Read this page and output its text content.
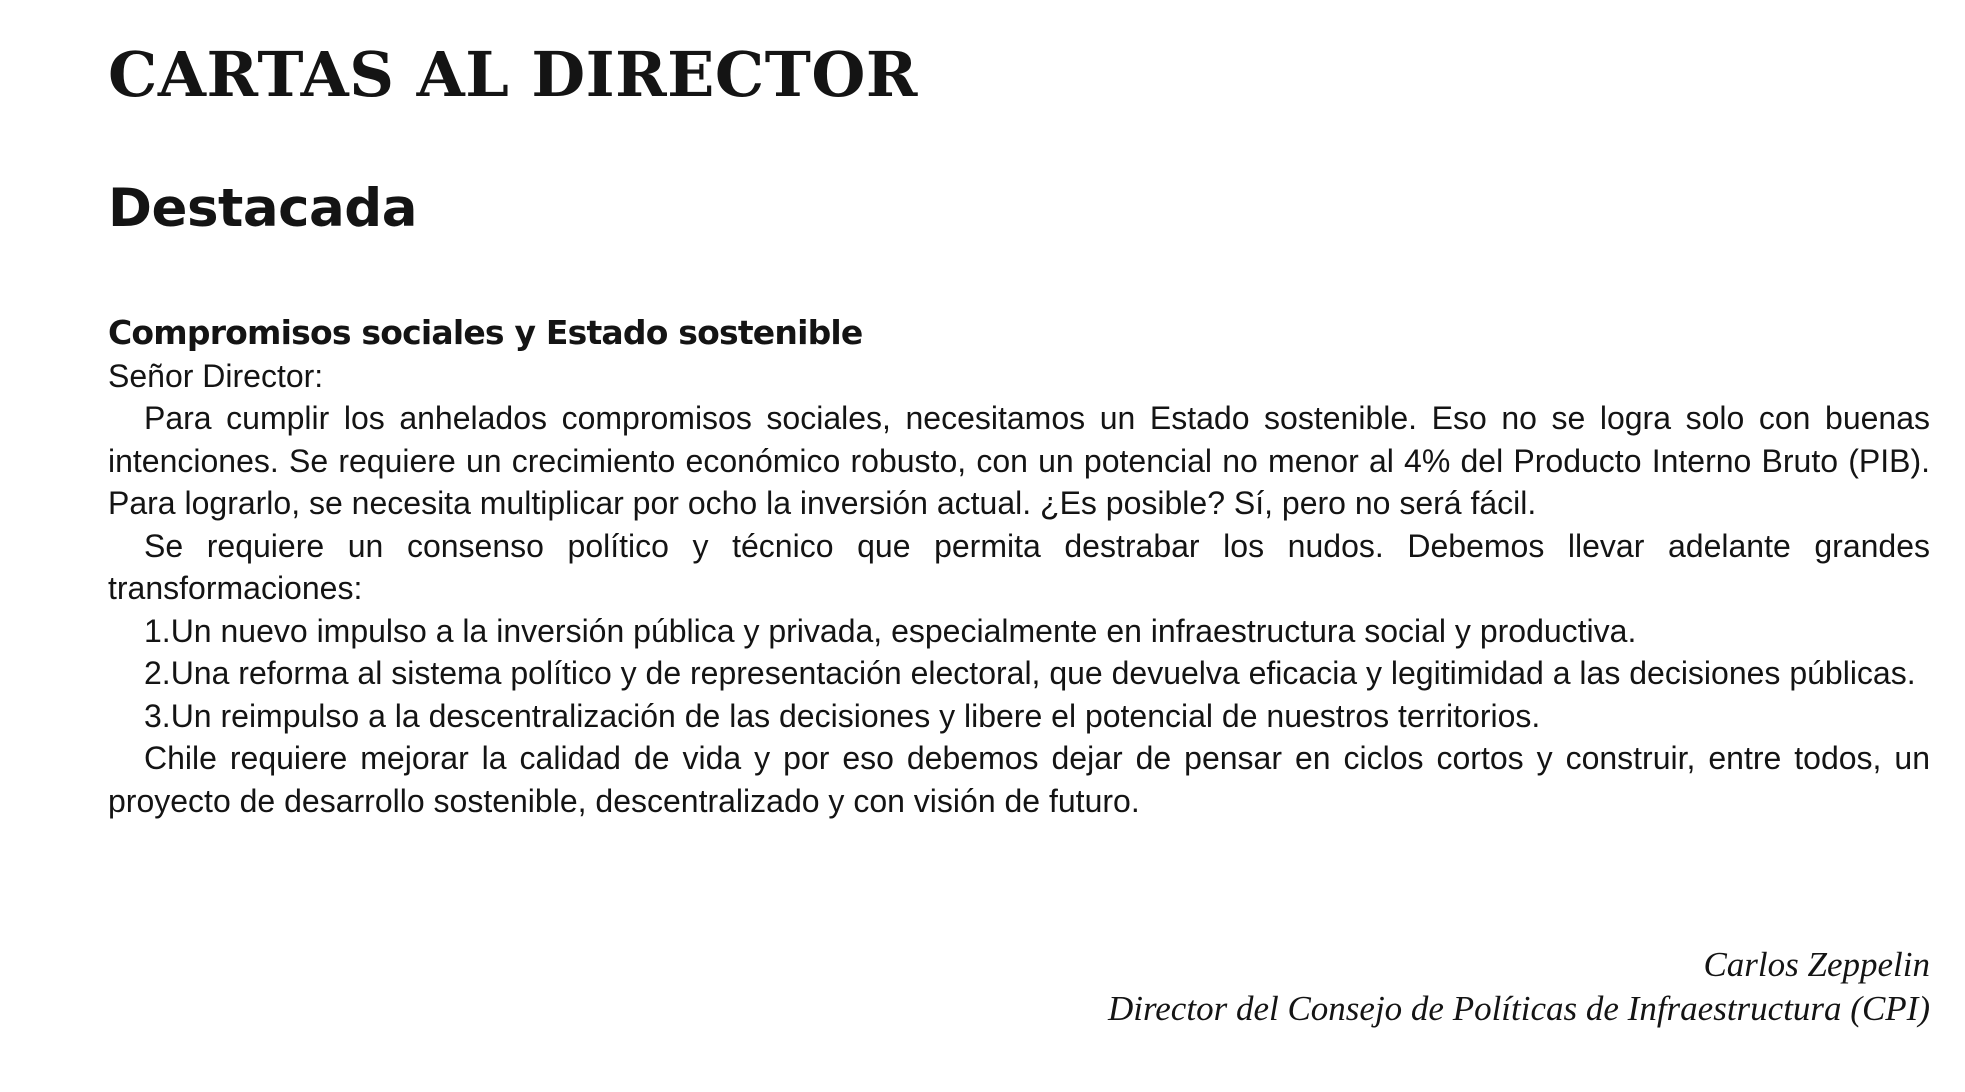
CARTAS AL DIRECTOR
Destacada
Compromisos sociales y Estado sostenible

Señor Director:

Para cumplir los anhelados compromisos sociales, necesitamos un Estado sostenible. Eso no se logra solo con buenas intenciones. Se requiere un crecimiento económico robusto, con un potencial no menor al 4% del Producto Interno Bruto (PIB). Para lograrlo, se necesita multiplicar por ocho la inversión actual. ¿Es posible? Sí, pero no será fácil.

Se requiere un consenso político y técnico que permita destrabar los nudos. Debemos llevar adelante grandes transformaciones:

1.Un nuevo impulso a la inversión pública y privada, especialmente en infraestructura social y productiva.

2.Una reforma al sistema político y de representación electoral, que devuelva eficacia y legitimidad a las decisiones públicas.

3.Un reimpulso a la descentralización de las decisiones y libere el potencial de nuestros territorios.

Chile requiere mejorar la calidad de vida y por eso debemos dejar de pensar en ciclos cortos y construir, entre todos, un proyecto de desarrollo sostenible, descentralizado y con visión de futuro.

Carlos Zeppelin
Director del Consejo de Políticas de Infraestructura (CPI)
